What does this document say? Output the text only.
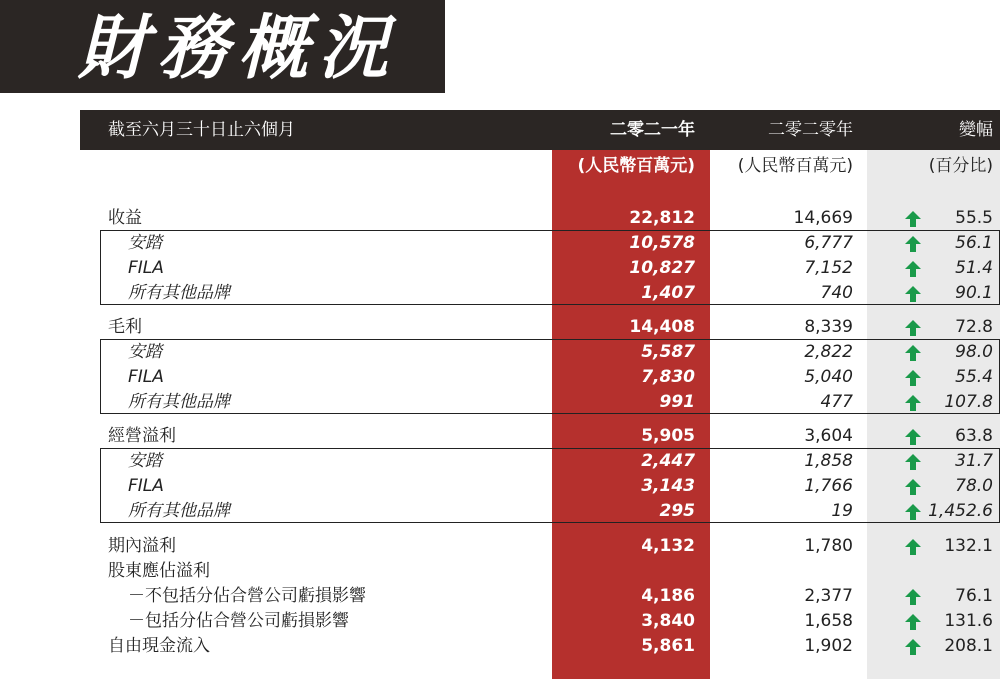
財務概況
截至六月三十日止六個月	二零二一年	二零二零年	變幅
(人民幣百萬元)	(人民幣百萬元)	(百分比)
收益	22,812	14,669	55.5
安踏	10,578	6,777	56.1
FILA	10,827	7,152	51.4
所有其他品牌	1,407	740	90.1
毛利	14,408	8,339	72.8
安踏	5,587	2,822	98.0
FILA	7,830	5,040	55.4
所有其他品牌	991	477	107.8
經營溢利	5,905	3,604	63.8
安踏	2,447	1,858	31.7
FILA	3,143	1,766	78.0
所有其他品牌	295	19	1,452.6
期內溢利	4,132	1,780	132.1
股東應佔溢利
－不包括分佔合營公司虧損影響	4,186	2,377	76.1
－包括分佔合營公司虧損影響	3,840	1,658	131.6
自由現金流入	5,861	1,902	208.1
